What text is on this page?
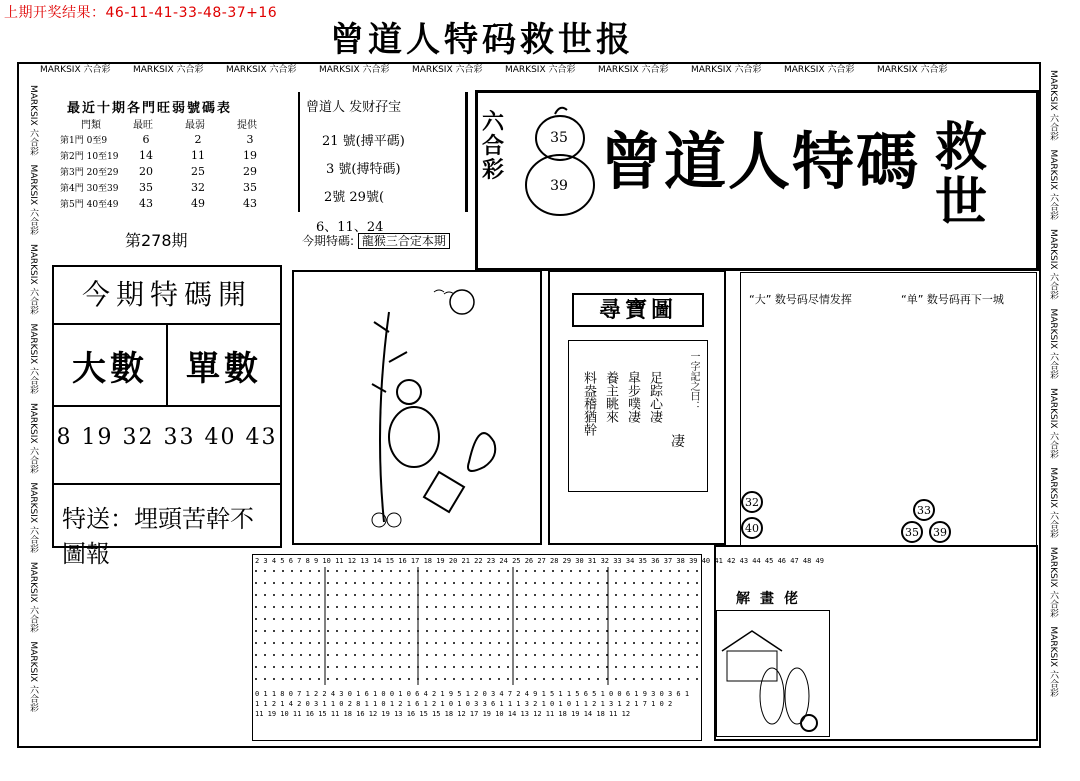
上期开奖结果：46-11-41-33-48-37+16
曾道人特码救世报
MARKSIX 六合彩	MARKSIX 六合彩	MARKSIX 六合彩	MARKSIX 六合彩	MARKSIX 六合彩	MARKSIX 六合彩	MARKSIX 六合彩	MARKSIX 六合彩	MARKSIX 六合彩	MARKSIX 六合彩
MARKSIX 六合彩　MARKSIX 六合彩　MARKSIX 六合彩　MARKSIX 六合彩　MARKSIX 六合彩　MARKSIX 六合彩　MARKSIX 六合彩　MARKSIX 六合彩
MARKSIX 六合彩　MARKSIX 六合彩　MARKSIX 六合彩　MARKSIX 六合彩　MARKSIX 六合彩　MARKSIX 六合彩　MARKSIX 六合彩　MARKSIX 六合彩
最近十期各門旺弱號碼表
門類	最旺	最弱	提供
第1門 0至9	6	2	3
第2門 10至19	14	11	19
第3門 20至29	20	25	29
第4門 30至39	35	32	35
第5門 40至49	43	49	43
第278期
曾道人 发财孖宝
21 號(搏平碼)
3 號(搏特碼)
2號 29號(
6、11、24
今期特碼: 龍猴三合定本期
六合彩
35
39 曾道人特碼 救
世
今期特碼開
大數	單數
8 19 32 33 40 43
特送：埋頭苦幹不圖報
尋寶圖
一字記之曰：
凄
足踪心凄
皐步噗凄
養主眺來
料盎稽猶幹
“大” 数号码尽情发挥	“单” 数号码再下一城
32
40
33
35	39
2 3 4 5 6 7 8 9 10 11 12 13 14 15 16 17 18 19 20 21 22 23 24 25 26 27 28 29 30 31 32 33 34 35 36 37 38 39 40 41 42 43 44 45 46 47 48 49
0 1 1 8 0 7 1 2 2 4 3 0 1 6 1 0 0 1 0 6 4 2 1 9 5 1 2 0 3 4 7 2 4 9 1 5 1 1 5 6 5 1 0 0 6 1 9 3 0 3 6 1
1 1 2 1 4 2 0 3 1 1 0 2 8 1 1 0 1 2 1 6 1 2 1 0 1 0 3 3 6 1 1 1 3 2 1 0 1 0 1 1 2 1 3 1 2 1 7 1 0 2
11 19 10 11 16 15 11 18 16 12 19 13 16 15 15 18 12 17 19 10 14 13 12 11 18 19 14 18 11 12
解畫佬
